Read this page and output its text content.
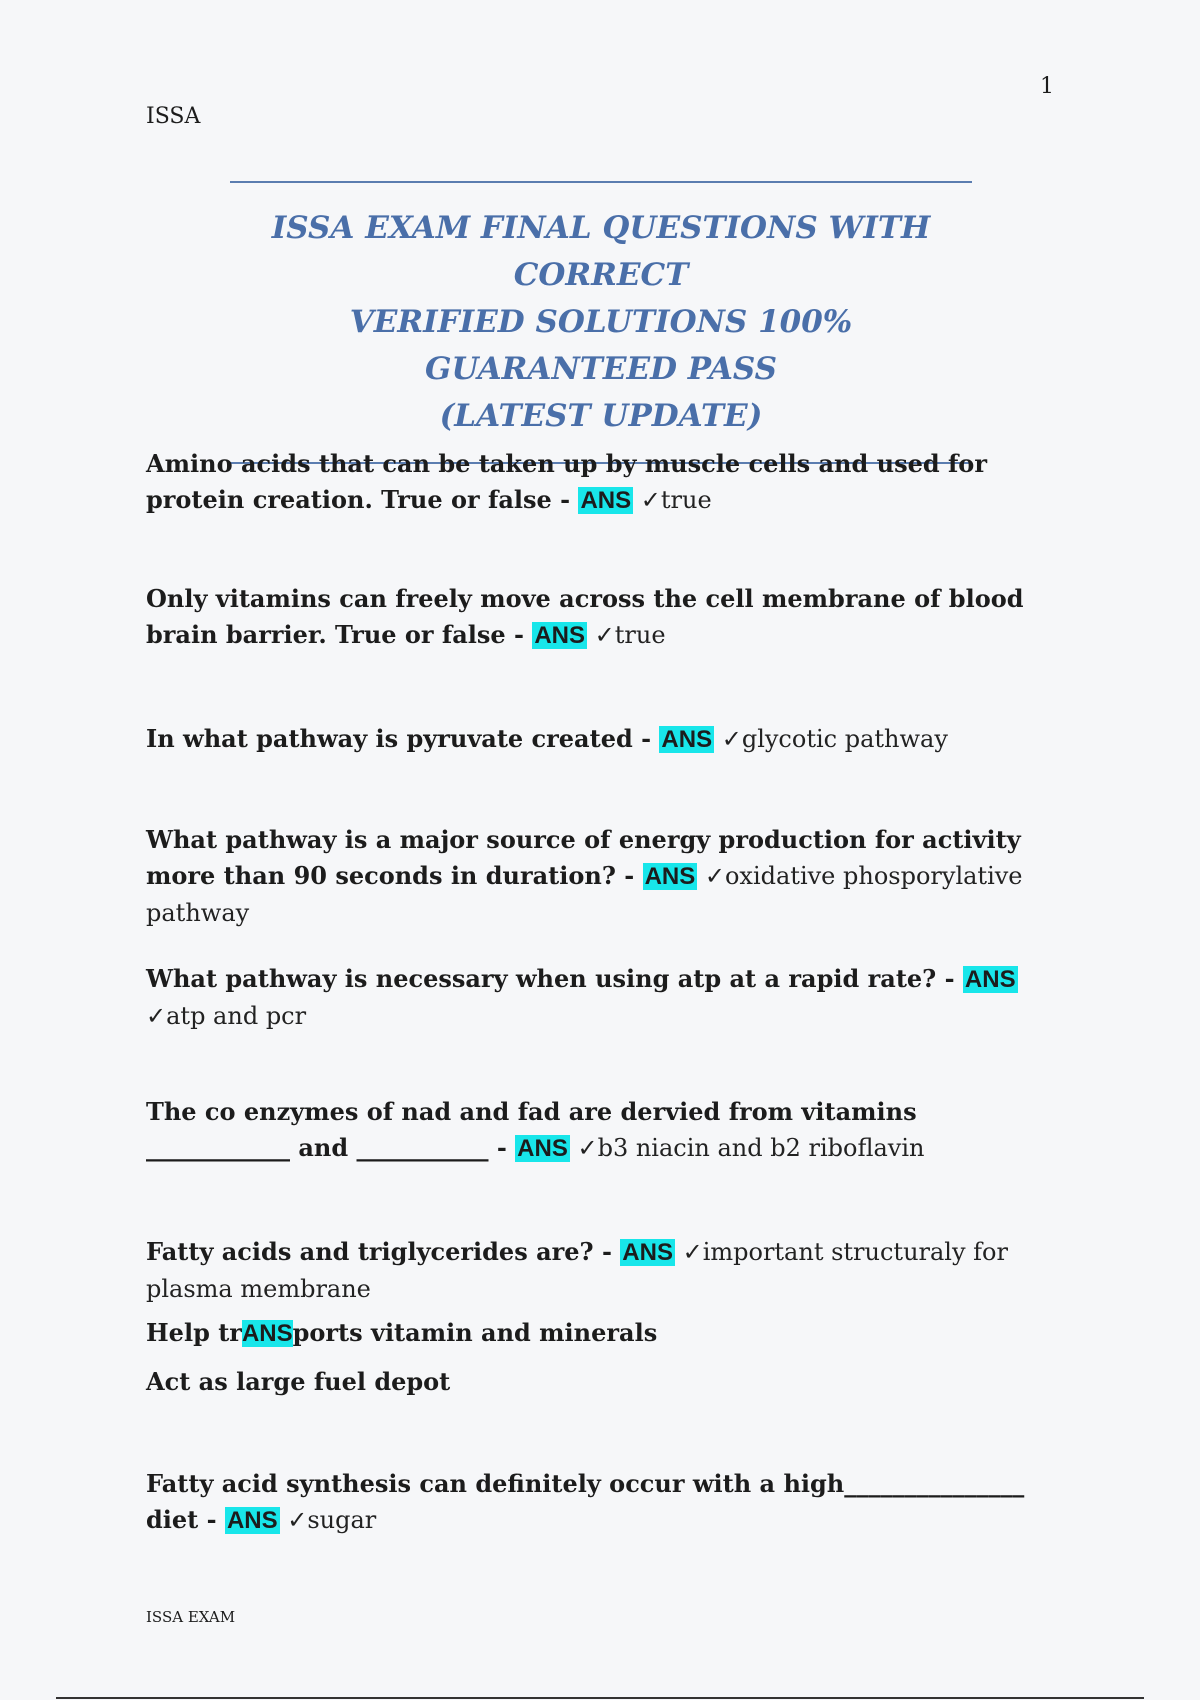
1
ISSA
ISSA EXAM FINAL QUESTIONS WITH CORRECT
VERIFIED SOLUTIONS 100% GUARANTEED PASS
(LATEST UPDATE)
Amino acids that can be taken up by muscle cells and used for protein creation. True or false - ANS ✓true
Only vitamins can freely move across the cell membrane of blood brain barrier. True or false - ANS ✓true
In what pathway is pyruvate created - ANS ✓glycotic pathway
What pathway is a major source of energy production for activity more than 90 seconds in duration? - ANS ✓oxidative phosporylative pathway
What pathway is necessary when using atp at a rapid rate? - ANS ✓atp and pcr
The co enzymes of nad and fad are dervied from vitamins ____________ and ___________ - ANS ✓b3 niacin and b2 riboflavin
Fatty acids and triglycerides are? - ANS ✓important structuraly for plasma membrane
Help trANSports vitamin and minerals
Act as large fuel depot
Fatty acid synthesis can definitely occur with a high_______________ diet - ANS ✓sugar
ISSA EXAM
